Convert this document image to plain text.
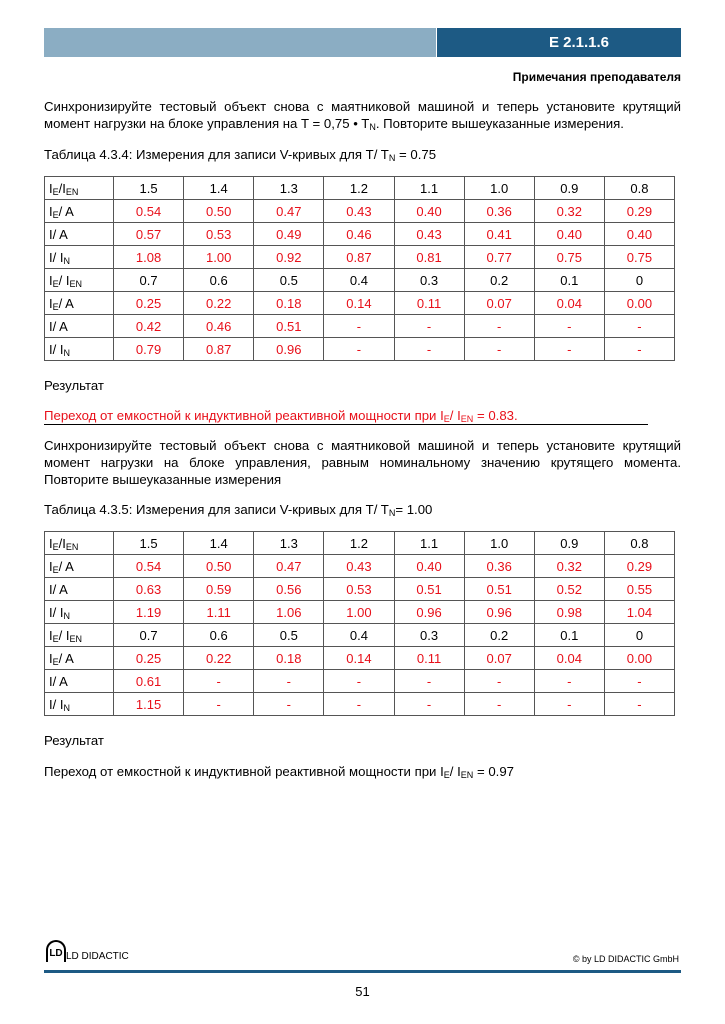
E 2.1.1.6
Примечания преподавателя
Синхронизируйте тестовый объект снова с маятниковой машиной и теперь установите крутящий момент нагрузки на блоке управления на T = 0,75 • $T_N$. Повторите вышеуказанные измерения.
Таблица 4.3.4: Измерения для записи V-кривых для T/ $T_N = 0.75$
$I_E/I_{EN}$	1.5	1.4	1.3	1.2	1.1	1.0	0.9	0.8
$I_E/$ A	0.54	0.50	0.47	0.43	0.40	0.36	0.32	0.29
I/ A	0.57	0.53	0.49	0.46	0.43	0.41	0.40	0.40
I/ $I_N$	1.08	1.00	0.92	0.87	0.81	0.77	0.75	0.75
$I_E/$ $I_{EN}$	0.7	0.6	0.5	0.4	0.3	0.2	0.1	0
$I_E/$ A	0.25	0.22	0.18	0.14	0.11	0.07	0.04	0.00
I/ A	0.42	0.46	0.51	-	-	-	-	-
I/ $I_N$	0.79	0.87	0.96	-	-	-	-	-
Результат
Переход от емкостной к индуктивной реактивной мощности при $I_E/$ $I_{EN} = 0.83$.
Синхронизируйте тестовый объект снова с маятниковой машиной и теперь установите крутящий момент нагрузки на блоке управления, равным номинальному значению крутящего момента. Повторите вышеуказанные измерения
Таблица 4.3.5: Измерения для записи V-кривых для T/ $T_N= 1.00$
$I_E/I_{EN}$	1.5	1.4	1.3	1.2	1.1	1.0	0.9	0.8
$I_E/$ A	0.54	0.50	0.47	0.43	0.40	0.36	0.32	0.29
I/ A	0.63	0.59	0.56	0.53	0.51	0.51	0.52	0.55
I/ $I_N$	1.19	1.11	1.06	1.00	0.96	0.96	0.98	1.04
$I_E/$ $I_{EN}$	0.7	0.6	0.5	0.4	0.3	0.2	0.1	0
$I_E/$ A	0.25	0.22	0.18	0.14	0.11	0.07	0.04	0.00
I/ A	0.61	-	-	-	-	-	-	-
I/ $I_N$	1.15	-	-	-	-	-	-	-
Результат
Переход от емкостной к индуктивной реактивной мощности при $I_E/$ $I_{EN} = 0.97$
LD LD DIDACTIC	© by LD DIDACTIC GmbH
51
